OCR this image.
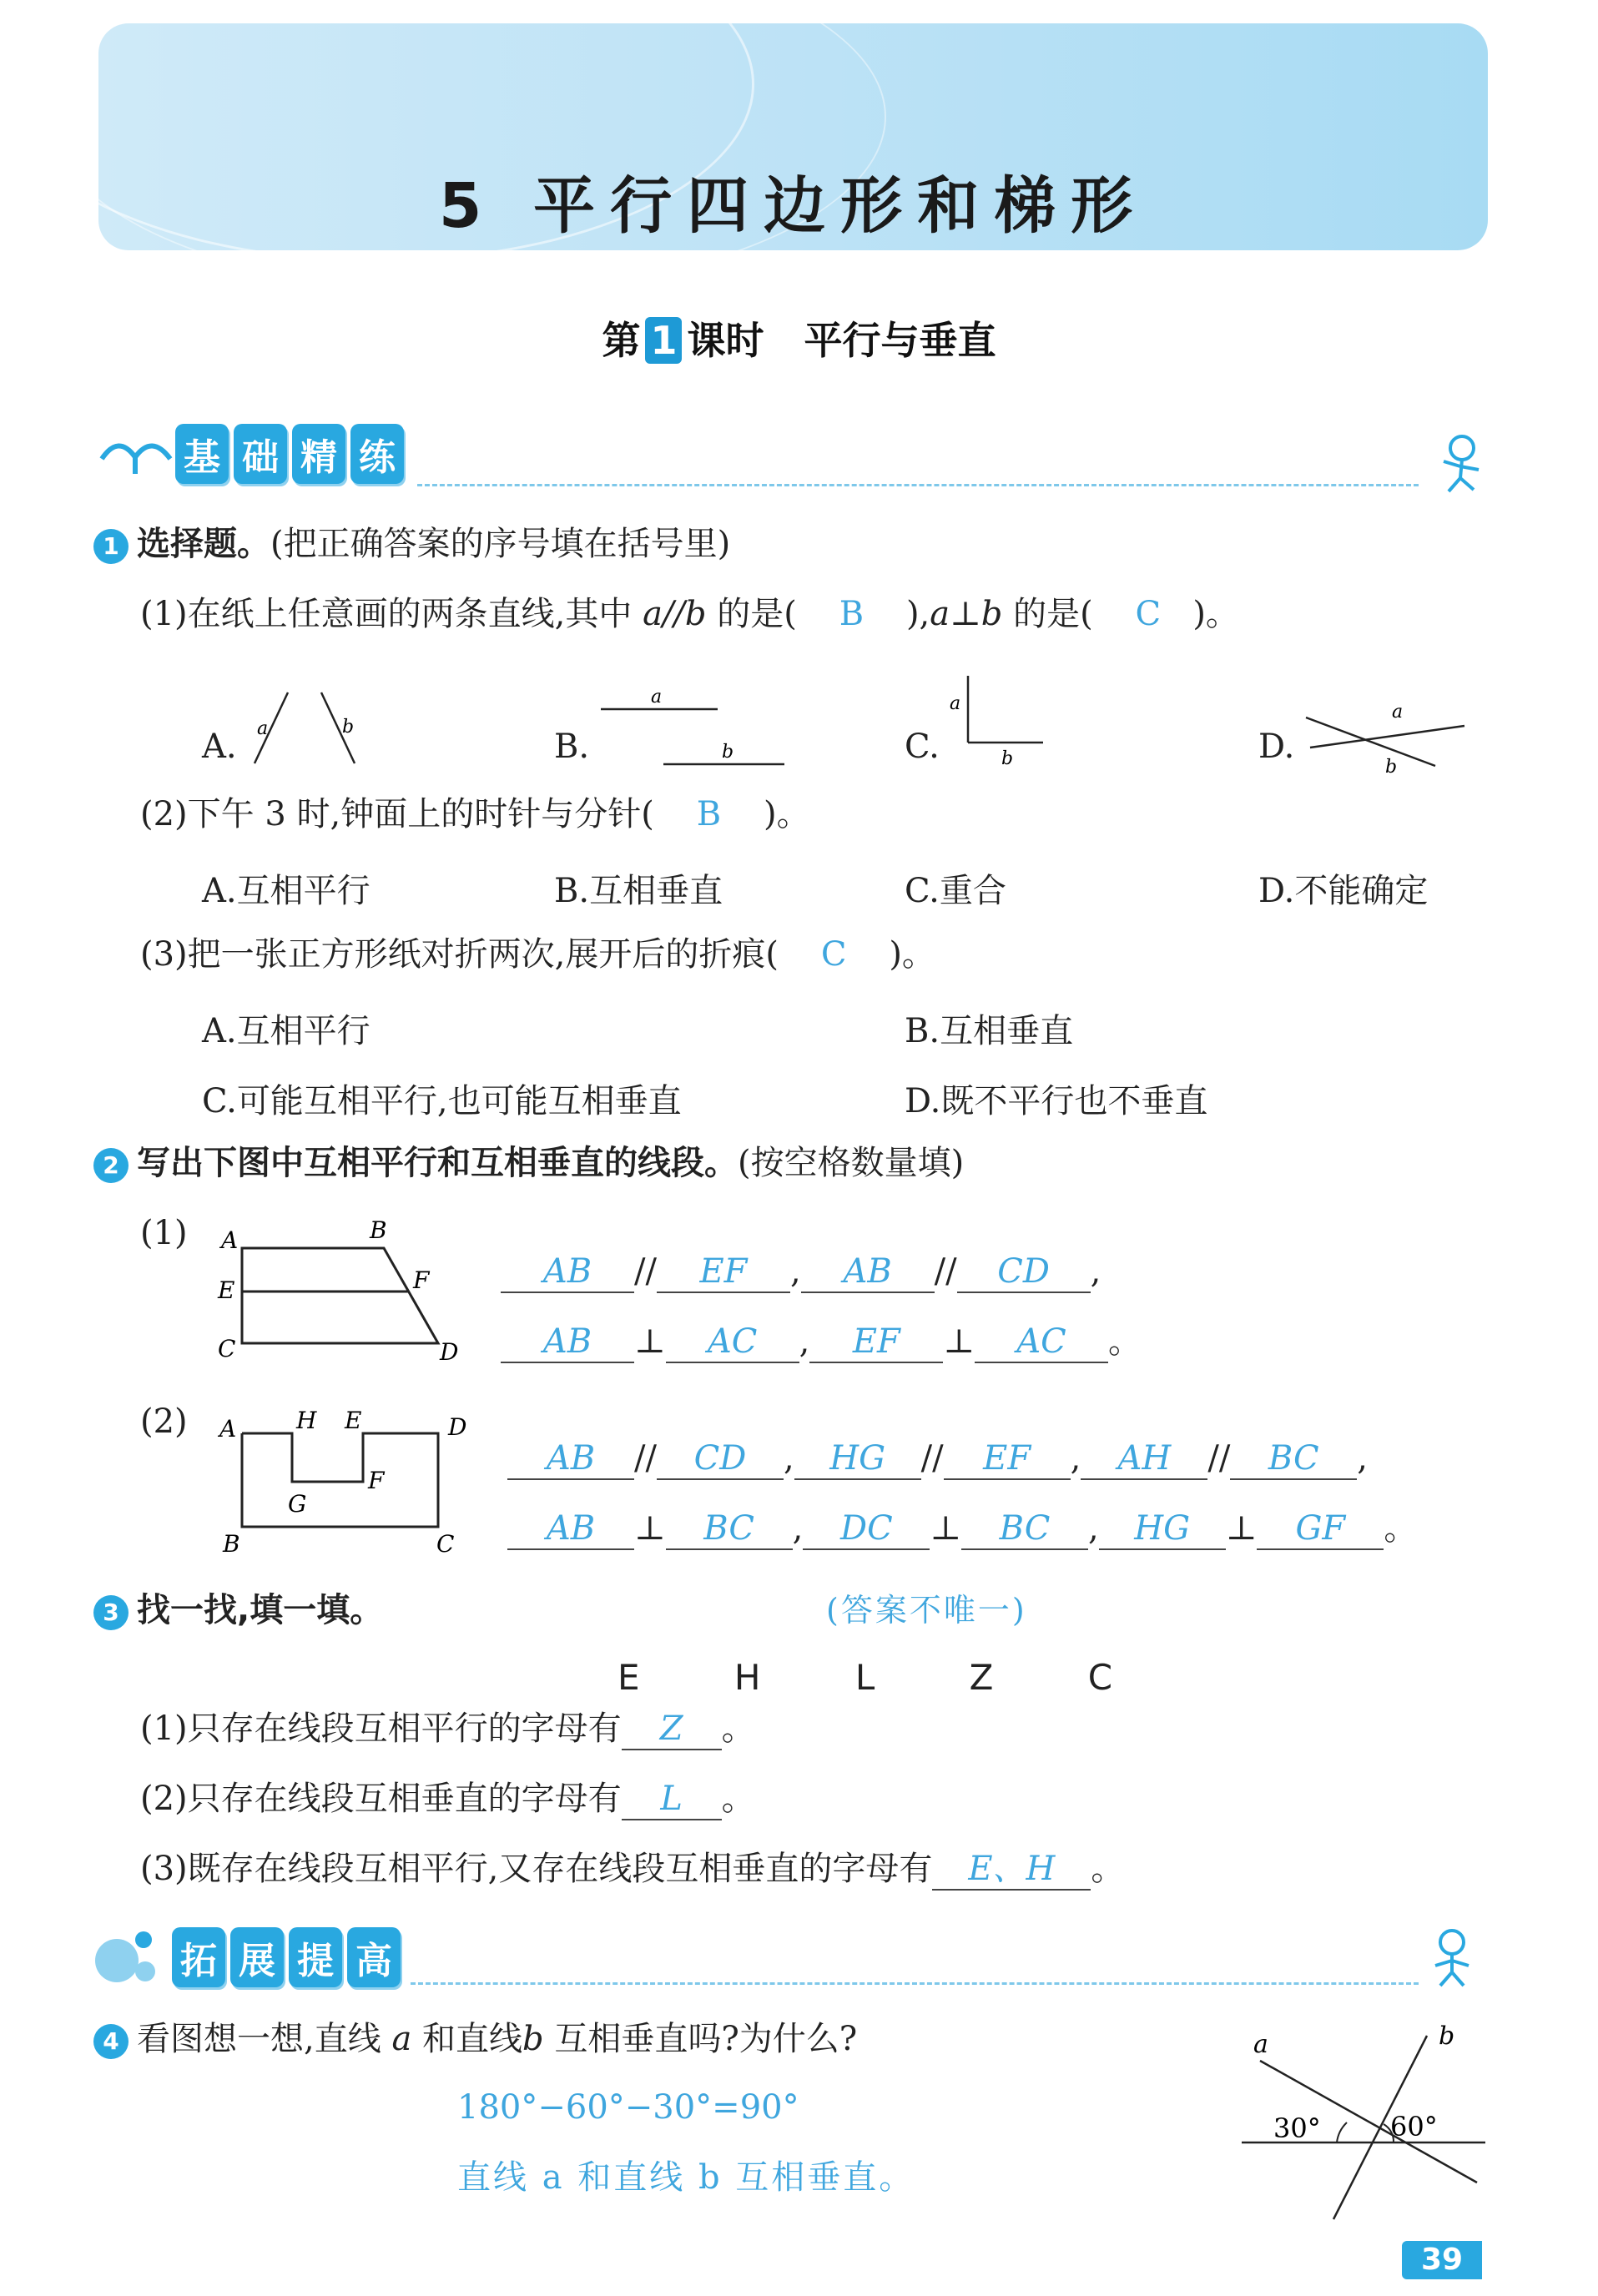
5 平行四边形和梯形
第 1 课时 平行与垂直
基 础 精 练
1 选择题。(把正确答案的序号填在括号里)
(1)在纸上任意画的两条直线,其中 a//b 的是( B ),a⊥b 的是( C )。
A. a	b
B.
a
b	C.
a
b	D.
a
b
(2)下午 3 时,钟面上的时针与分针( B )。
A.互相平行	B.互相垂直	C.重合	D.不能确定
(3)把一张正方形纸对折两次,展开后的折痕( C )。
A.互相平行	B.互相垂直
C.可能互相平行,也可能互相垂直	D.既不平行也不垂直
2 写出下图中互相平行和互相垂直的线段。(按空格数量填)
(1) A	B
E	F
C	D
AB // EF , AB // CD ,
AB ⊥ AC , EF ⊥ AC 。
(2) A	H E	D
G
F
B	C
AB // CD , HG // EF , AH // BC ,
AB ⊥ BC , DC ⊥ BC , HG ⊥ GF 。
3 找一找,填一填。	(答案不唯一)
E H L Z C
(1)只存在线段互相平行的字母有 Z 。
(2)只存在线段互相垂直的字母有 L 。
(3)既存在线段互相平行,又存在线段互相垂直的字母有 E、H 。
拓 展 提 高
4 看图想一想,直线 a 和直线b 互相垂直吗?为什么?
180°−60°−30°=90°
直线 a 和直线 b 互相垂直。
a	b
30°	60°
39
